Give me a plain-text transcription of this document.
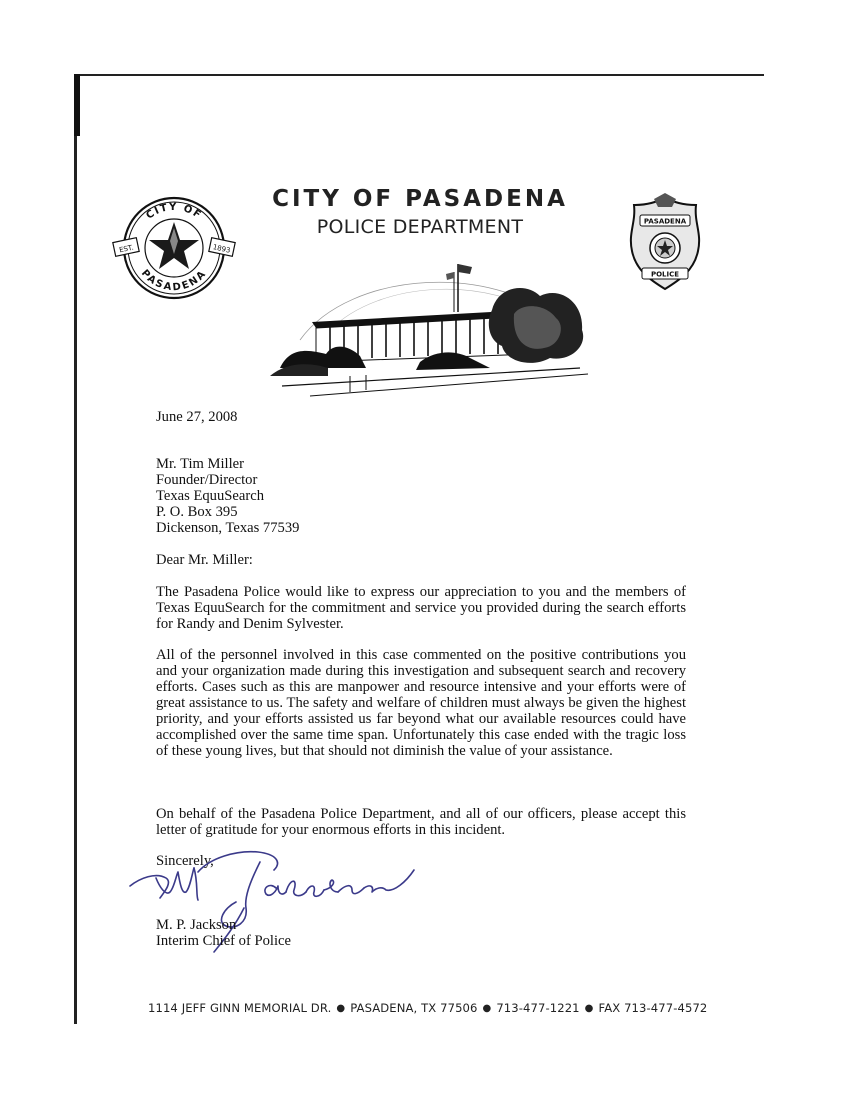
CITY OF
PASADENA
EST.	1893
PASADENA
POLICE
CITY OF PASADENA
POLICE DEPARTMENT
June 27, 2008
Mr. Tim Miller
Founder/Director
Texas EquuSearch
P. O. Box 395
Dickenson, Texas 77539
Dear Mr. Miller:
The Pasadena Police would like to express our appreciation to you and the members of Texas EquuSearch for the commitment and service you provided during the search efforts for Randy and Denim Sylvester.
All of the personnel involved in this case commented on the positive contributions you and your organization made during this investigation and subsequent search and recovery efforts. Cases such as this are manpower and resource intensive and your efforts were of great assistance to us. The safety and welfare of children must always be given the highest priority, and your efforts assisted us far beyond what our available resources could have accomplished over the same time span. Unfortunately this case ended with the tragic loss of these young lives, but that should not diminish the value of your assistance.
On behalf of the Pasadena Police Department, and all of our officers, please accept this letter of gratitude for your enormous efforts in this incident.
Sincerely,
M. P. Jackson
Interim Chief of Police
1114 JEFF GINN MEMORIAL DR. ● PASADENA, TX 77506 ● 713-477-1221 ● FAX 713-477-4572
